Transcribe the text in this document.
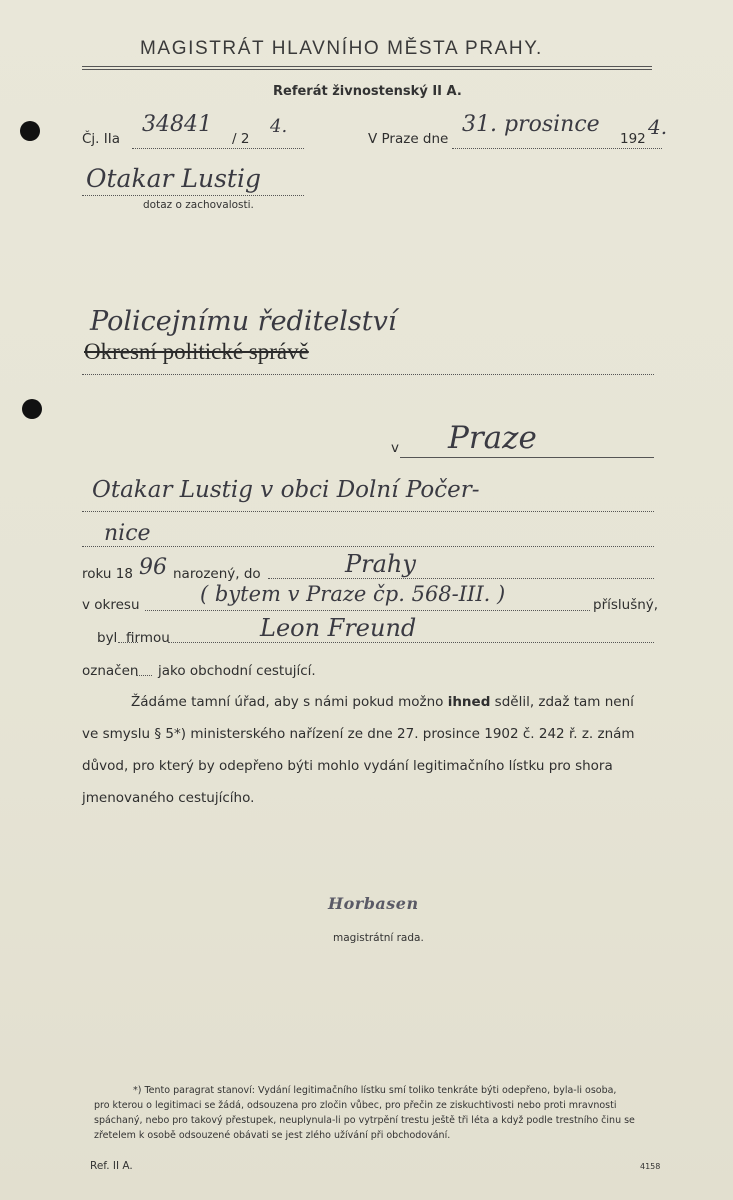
MAGISTRÁT HLAVNÍHO MĚSTA PRAHY.
Referát živnostenský II A.
Čj. IIa
34841
/ 2
4.
V Praze dne
31. prosince
192 4.
Otakar Lustig
dotaz o zachovalosti.
Policejnímu ředitelství
Okresní politické správě
v Praze
Otakar Lustig v obci Dolní Počer-
nice
roku 18 96 narozený, do	Prahy
v okresu	( bytem v Praze čp. 568-III. )	příslušný,
byl firmou	Leon Freund
označen jako obchodní cestující.
Žádáme tamní úřad, aby s námi pokud možno ihned sdělil, zdaž tam není
ve smyslu § 5*) ministerského nařízení ze dne 27. prosince 1902 č. 242 ř. z. znám
důvod, pro který by odepřeno býti mohlo vydání legitimačního lístku pro shora
jmenovaného cestujícího.
Horbasen
magistrátní rada.
*) Tento paragrat stanoví: Vydání legitimačního lístku smí toliko tenkráte býti odepřeno, byla-li osoba,
pro kterou o legitimaci se žádá, odsouzena pro zločin vůbec, pro přečin ze ziskuchtivosti nebo proti mravnosti
spáchaný, nebo pro takový přestupek, neuplynula-li po vytrpění trestu ještě tři léta a když podle trestního činu se
zřetelem k osobě odsouzené obávati se jest zlého užívání při obchodování.
Ref. II A.	4158
